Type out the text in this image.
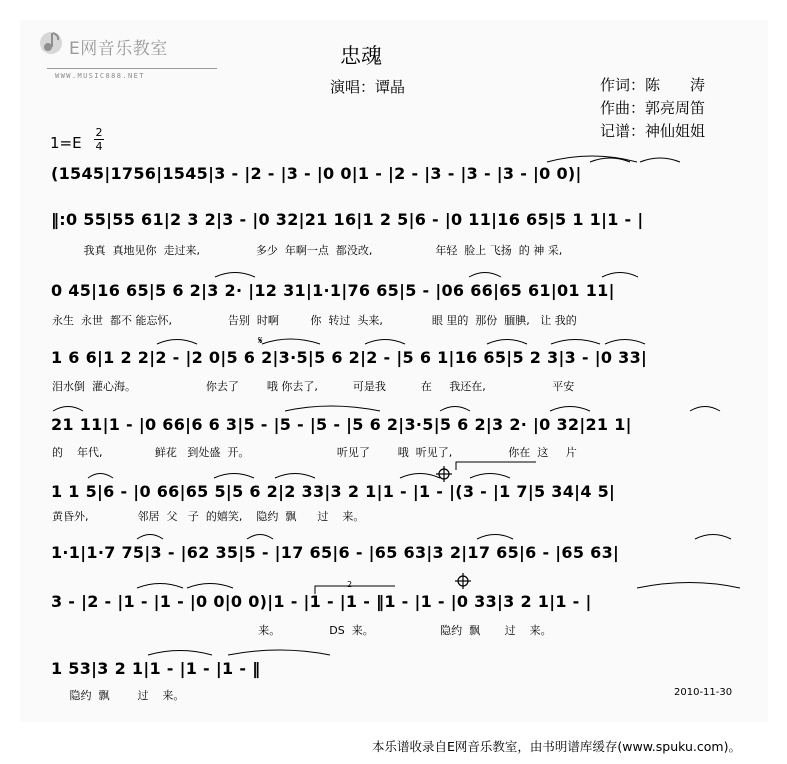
E网音乐教室
WWW.MUSIC888.NET
忠魂
演唱：谭晶	作词：陈　　涛
作曲：郭亮周笛
记谱：神仙姐姐
1=E
2
4
(1545|1756|1545|3 - |2 - |3 - |0 0|1 - |2 - |3 - |3 - |3 - |0 0)|
‖:0 55|55 61|2 3 2|3 - |0 32|21 16|1 2 5|6 - |0 11|16 65|5 1 1|1 - |
我真  真地见你  走过来,                多少  年啊一点  都没改,                  年轻  脸上 飞扬  的 神 采,
0 45|16 65|5 6 2|3 2· |12 31|1·1|76 65|5 - |06 66|65 61|01 11|
永生  永世  都不 能忘怀,                告别  时啊         你  转过  头来,              眼 里的  那份  腼腆,   让 我的
1 6 6|1 2 2|2 - |2 0|5 6 2|3·5|5 6 2|2 - |5 6 1|16 65|5 2 3|3 - |0 33|
泪水倒  灌心海。                    你去了        哦 你去了,          可是我          在     我还在,                   平安
21 11|1 - |0 66|6 6 3|5 - |5 - |5 - |5 6 2|3·5|5 6 2|3 2· |0 32|21 1|
的    年代,               鲜花   到处盛  开。                         听见了        哦  听见了,                你在  这     片
1 1 5|6 - |0 66|65 5|5 6 2|2 33|3 2 1|1 - |1 - |(3 - |1 7|5 34|4 5|
黄昏外,              邻居  父   子  的嬉笑,    隐约  飘      过    来。
1·1|1·7 75|3 - |62 35|5 - |17 65|6 - |65 63|3 2|17 65|6 - |65 63|
3 - |2 - |1 - |1 - |0 0|0 0)|1 - |1 - |1 - ‖1 - |1 - |0 33|3 2 1|1 - |
来。              DS  来。                   隐约  飘       过    来。
1 53|3 2 1|1 - |1 - |1 - ‖
隐约  飘        过    来。	2010-11-30
本乐谱收录自E网音乐教室，由书明谱库缓存(www.spuku.com)。
𝄋
2
